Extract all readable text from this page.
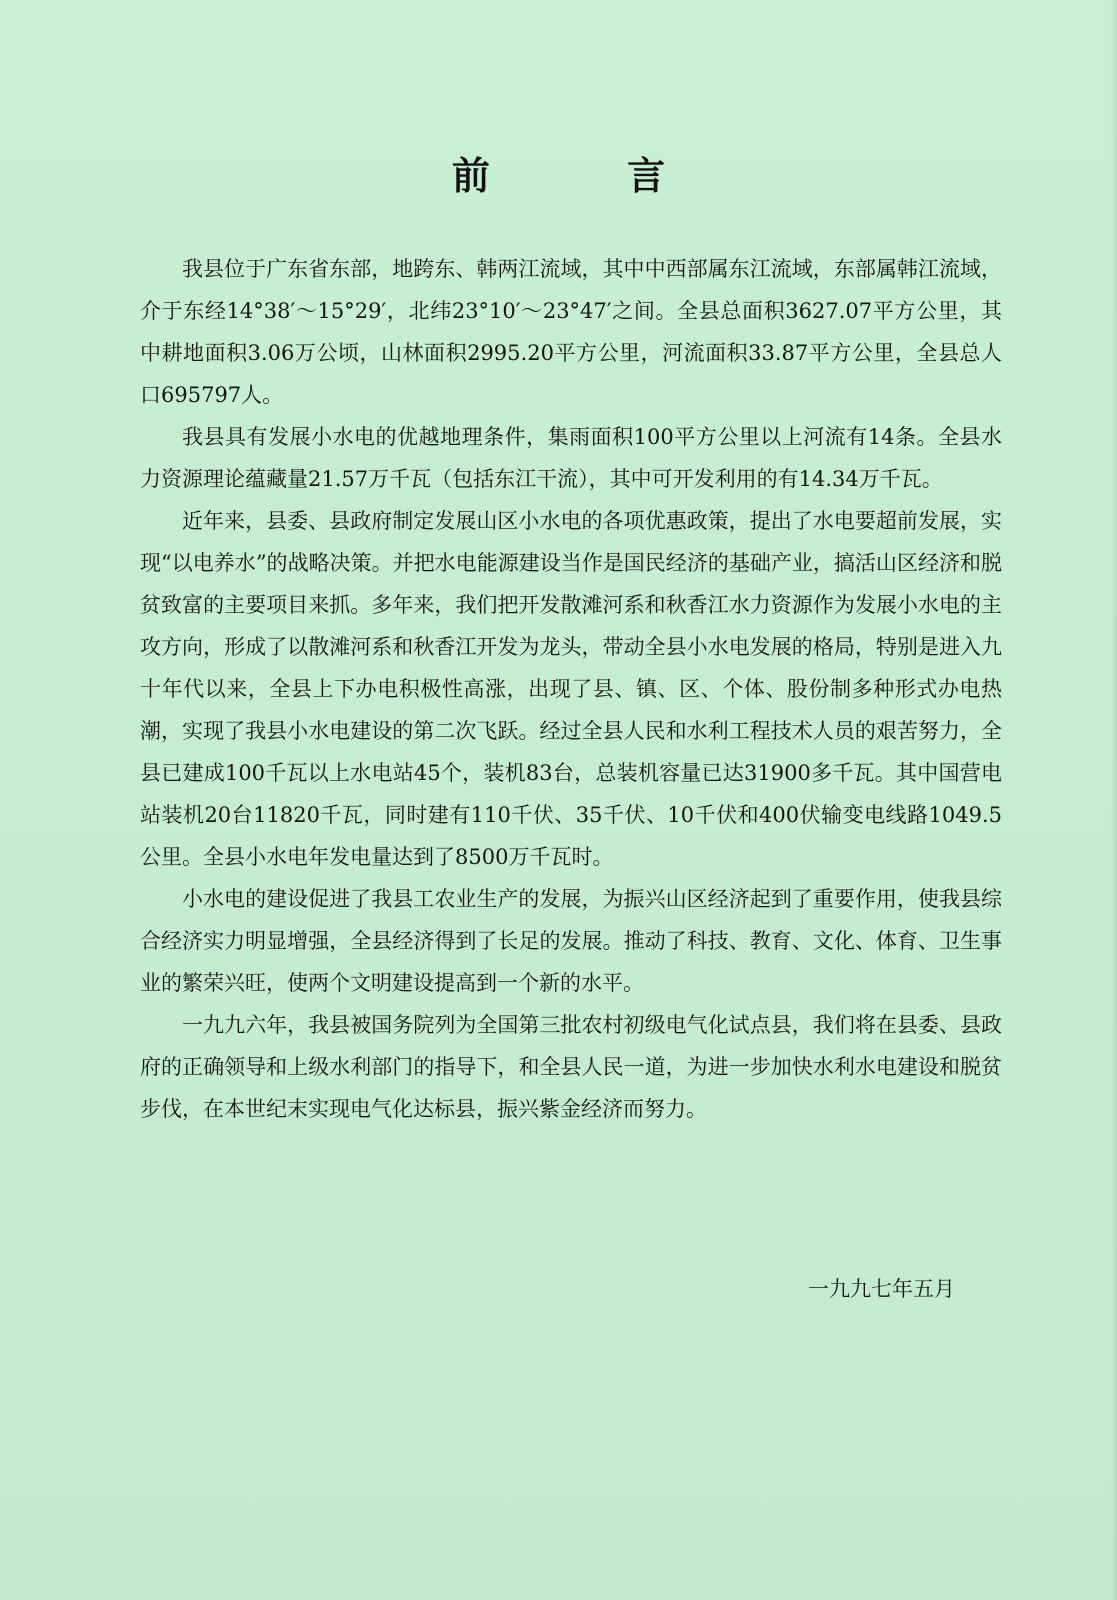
前 言

我县位于广东省东部，地跨东、韩两江流域，其中中西部属东江流域，东部属韩江流域，介于东经14°38′～15°29′，北纬23°10′～23°47′之间。全县总面积3627.07平方公里，其中耕地面积3.06万公顷，山林面积2995.20平方公里，河流面积33.87平方公里，全县总人口695797人。

我县具有发展小水电的优越地理条件，集雨面积100平方公里以上河流有14条。全县水力资源理论蕴藏量21.57万千瓦（包括东江干流），其中可开发利用的有14.34万千瓦。

近年来，县委、县政府制定发展山区小水电的各项优惠政策，提出了水电要超前发展，实现“以电养水”的战略决策。并把水电能源建设当作是国民经济的基础产业，搞活山区经济和脱贫致富的主要项目来抓。多年来，我们把开发散滩河系和秋香江水力资源作为发展小水电的主攻方向，形成了以散滩河系和秋香江开发为龙头，带动全县小水电发展的格局，特别是进入九十年代以来，全县上下办电积极性高涨，出现了县、镇、区、个体、股份制多种形式办电热潮，实现了我县小水电建设的第二次飞跃。经过全县人民和水利工程技术人员的艰苦努力，全县已建成100千瓦以上水电站45个，装机83台，总装机容量已达31900多千瓦。其中国营电站装机20台11820千瓦，同时建有110千伏、35千伏、10千伏和400伏输变电线路1049.5公里。全县小水电年发电量达到了8500万千瓦时。

小水电的建设促进了我县工农业生产的发展，为振兴山区经济起到了重要作用，使我县综合经济实力明显增强，全县经济得到了长足的发展。推动了科技、教育、文化、体育、卫生事业的繁荣兴旺，使两个文明建设提高到一个新的水平。

一九九六年，我县被国务院列为全国第三批农村初级电气化试点县，我们将在县委、县政府的正确领导和上级水利部门的指导下，和全县人民一道，为进一步加快水利水电建设和脱贫步伐，在本世纪末实现电气化达标县，振兴紫金经济而努力。

一九九七年五月
